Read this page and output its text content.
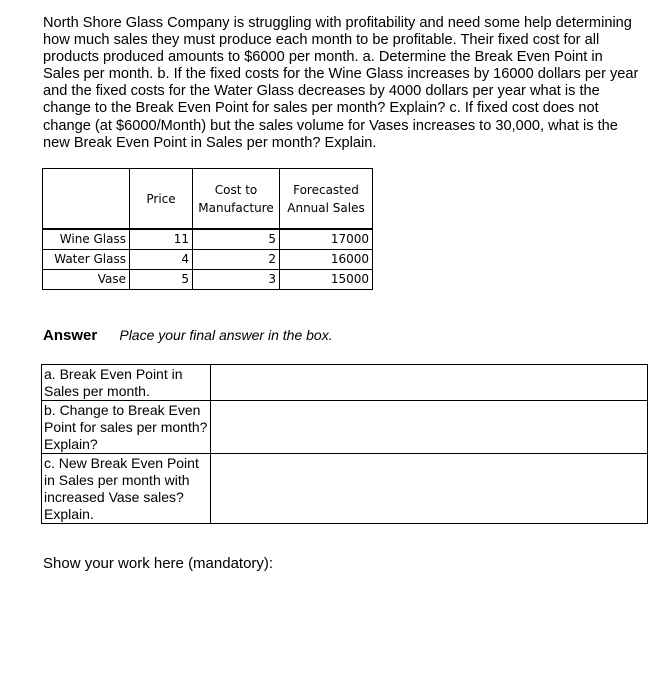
North Shore Glass Company is struggling with profitability and need some help determining how much sales they must produce each month to be profitable. Their fixed cost for all products produced amounts to $6000 per month. a. Determine the Break Even Point in Sales per month. b. If the fixed costs for the Wine Glass increases by 16000 dollars per year and the fixed costs for the Water Glass decreases by 4000 dollars per year what is the change to the Break Even Point for sales per month? Explain? c. If fixed cost does not change (at $6000/Month) but the sales volume for Vases increases to 30,000, what is the new Break Even Point in Sales per month? Explain.

	Price	Cost to Manufacture	Forecasted Annual Sales

Wine Glass	11	5	17000
Water Glass	4	2	16000
Vase	5	3	15000
Answer Place your final answer in the box.
a. Break Even Point in Sales per month.	
b. Change to Break Even Point for sales per month? Explain?	
c. New Break Even Point in Sales per month with increased Vase sales? Explain.	
Show your work here (mandatory):
